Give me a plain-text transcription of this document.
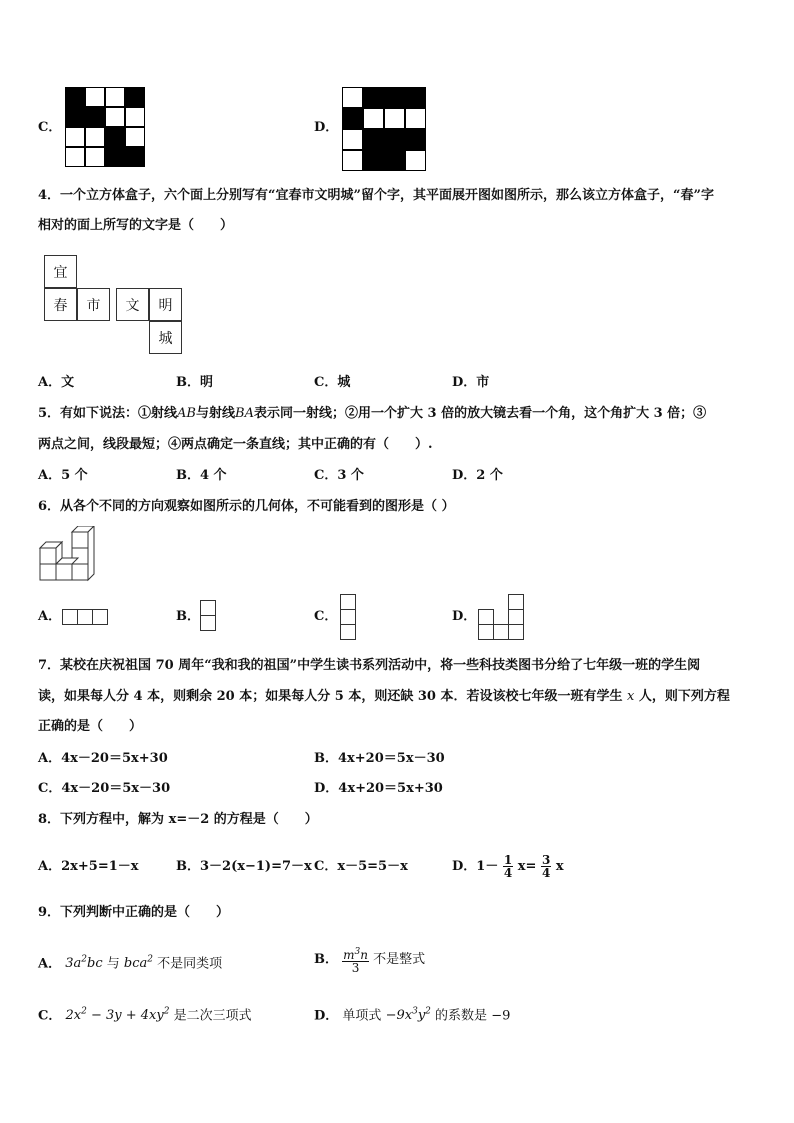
C．	D．
4．一个立方体盒子，六个面上分别写有“宜春市文明城”留个字，其平面展开图如图所示，那么该立方体盒子，“春”字
相对的面上所写的文字是（　　）
宜
春	市	文	明
城
A．文	B．明	C．城	D．市
5．有如下说法：①射线AB与射线BA表示同一射线；②用一个扩大 3 倍的放大镜去看一个角，这个角扩大 3 倍；③
两点之间，线段最短；④两点确定一条直线；其中正确的有（　　）.
A．5 个	B．4 个	C．3 个	D．2 个
6．从各个不同的方向观察如图所示的几何体，不可能看到的图形是（ ）
A．	B．	C．	D．
7．某校在庆祝祖国 70 周年“我和我的祖国”中学生读书系列活动中，将一些科技类图书分给了七年级一班的学生阅
读，如果每人分 4 本，则剩余 20 本；如果每人分 5 本，则还缺 30 本．若设该校七年级一班有学生 x 人，则下列方程
正确的是（　　）
A．4x－20＝5x+30	B．4x+20＝5x－30
C．4x－20＝5x－30	D．4x+20＝5x+30
8．下列方程中，解为 x=－2 的方程是（　　）
A．2x+5=1－x	B．3－2(x−1)=7－x C．x－5=5－x	D．$1- \frac{1}{4} x= \frac{3}{4}$ x
9．下列判断中正确的是（　　）
A． $3a^2bc$ 与 bca$^2$ 不是同类项	B． $\frac{m^3n}{3}$ 不是整式
C． $2x^2 - 3y + 4xy^2$ 是二次三项式	D． 单项式 $-9x^3y^2$ 的系数是 −9
